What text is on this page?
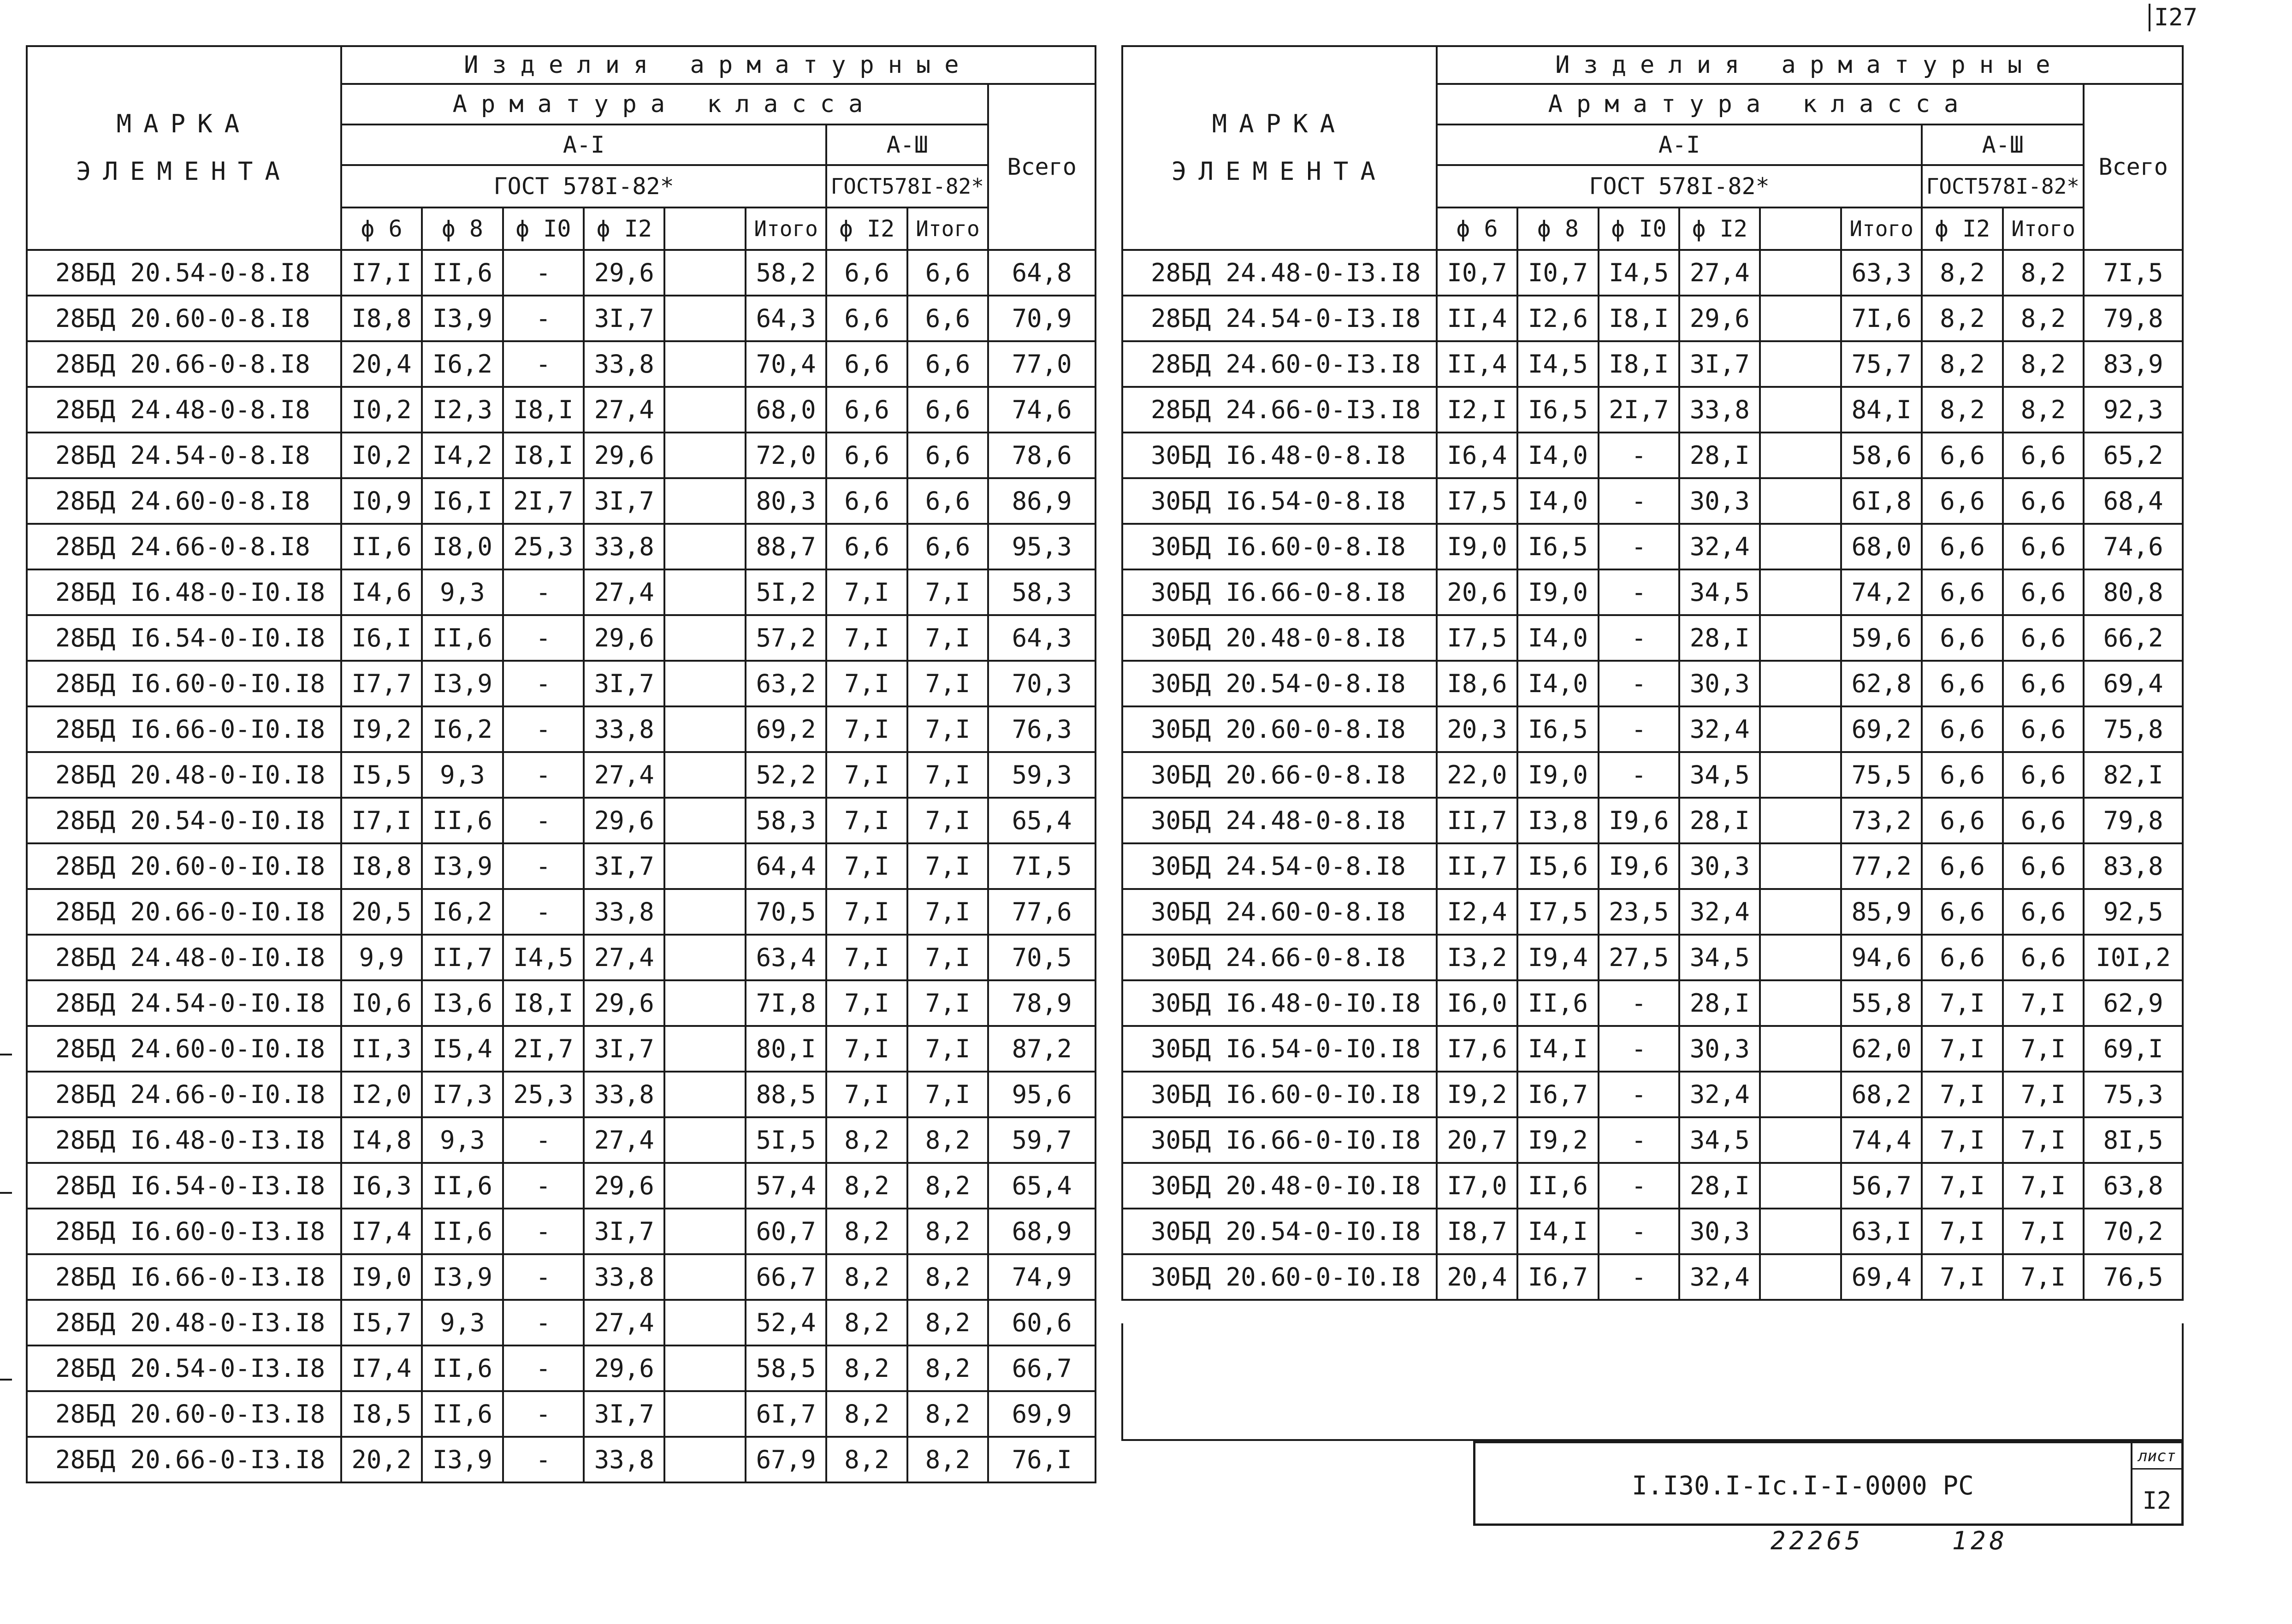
I27
МАРКА ЭЛЕМЕНТА	Изделия арматурные								
	Арматура класса								Всего
	A-I						A-Ш		
	ГОСТ 578I-82*						ГОСТ578I-82*		
	ϕ 6	ϕ 8	ϕ I0	ϕ I2		Итого	ϕ I2	Итого	
28БД 20.54-0-8.I8	I7,I	II,6	-	29,6		58,2	6,6	6,6	64,8
28БД 20.60-0-8.I8	I8,8	I3,9	-	3I,7		64,3	6,6	6,6	70,9
28БД 20.66-0-8.I8	20,4	I6,2	-	33,8		70,4	6,6	6,6	77,0
28БД 24.48-0-8.I8	I0,2	I2,3	I8,I	27,4		68,0	6,6	6,6	74,6
28БД 24.54-0-8.I8	I0,2	I4,2	I8,I	29,6		72,0	6,6	6,6	78,6
28БД 24.60-0-8.I8	I0,9	I6,I	2I,7	3I,7		80,3	6,6	6,6	86,9
28БД 24.66-0-8.I8	II,6	I8,0	25,3	33,8		88,7	6,6	6,6	95,3
28БД I6.48-0-I0.I8	I4,6	9,3	-	27,4		5I,2	7,I	7,I	58,3
28БД I6.54-0-I0.I8	I6,I	II,6	-	29,6		57,2	7,I	7,I	64,3
28БД I6.60-0-I0.I8	I7,7	I3,9	-	3I,7		63,2	7,I	7,I	70,3
28БД I6.66-0-I0.I8	I9,2	I6,2	-	33,8		69,2	7,I	7,I	76,3
28БД 20.48-0-I0.I8	I5,5	9,3	-	27,4		52,2	7,I	7,I	59,3
28БД 20.54-0-I0.I8	I7,I	II,6	-	29,6		58,3	7,I	7,I	65,4
28БД 20.60-0-I0.I8	I8,8	I3,9	-	3I,7		64,4	7,I	7,I	7I,5
28БД 20.66-0-I0.I8	20,5	I6,2	-	33,8		70,5	7,I	7,I	77,6
28БД 24.48-0-I0.I8	9,9	II,7	I4,5	27,4		63,4	7,I	7,I	70,5
28БД 24.54-0-I0.I8	I0,6	I3,6	I8,I	29,6		7I,8	7,I	7,I	78,9
28БД 24.60-0-I0.I8	II,3	I5,4	2I,7	3I,7		80,I	7,I	7,I	87,2
28БД 24.66-0-I0.I8	I2,0	I7,3	25,3	33,8		88,5	7,I	7,I	95,6
28БД I6.48-0-I3.I8	I4,8	9,3	-	27,4		5I,5	8,2	8,2	59,7
28БД I6.54-0-I3.I8	I6,3	II,6	-	29,6		57,4	8,2	8,2	65,4
28БД I6.60-0-I3.I8	I7,4	II,6	-	3I,7		60,7	8,2	8,2	68,9
28БД I6.66-0-I3.I8	I9,0	I3,9	-	33,8		66,7	8,2	8,2	74,9
28БД 20.48-0-I3.I8	I5,7	9,3	-	27,4		52,4	8,2	8,2	60,6
28БД 20.54-0-I3.I8	I7,4	II,6	-	29,6		58,5	8,2	8,2	66,7
28БД 20.60-0-I3.I8	I8,5	II,6	-	3I,7		6I,7	8,2	8,2	69,9
28БД 20.66-0-I3.I8	20,2	I3,9	-	33,8		67,9	8,2	8,2	76,I
МАРКА ЭЛЕМЕНТА	Изделия арматурные								
	Арматура класса								Всего
	A-I						A-Ш		
	ГОСТ 578I-82*						ГОСТ578I-82*		
	ϕ 6	ϕ 8	ϕ I0	ϕ I2		Итого	ϕ I2	Итого	
28БД 24.48-0-I3.I8	I0,7	I0,7	I4,5	27,4		63,3	8,2	8,2	7I,5
28БД 24.54-0-I3.I8	II,4	I2,6	I8,I	29,6		7I,6	8,2	8,2	79,8
28БД 24.60-0-I3.I8	II,4	I4,5	I8,I	3I,7		75,7	8,2	8,2	83,9
28БД 24.66-0-I3.I8	I2,I	I6,5	2I,7	33,8		84,I	8,2	8,2	92,3
30БД I6.48-0-8.I8	I6,4	I4,0	-	28,I		58,6	6,6	6,6	65,2
30БД I6.54-0-8.I8	I7,5	I4,0	-	30,3		6I,8	6,6	6,6	68,4
30БД I6.60-0-8.I8	I9,0	I6,5	-	32,4		68,0	6,6	6,6	74,6
30БД I6.66-0-8.I8	20,6	I9,0	-	34,5		74,2	6,6	6,6	80,8
30БД 20.48-0-8.I8	I7,5	I4,0	-	28,I		59,6	6,6	6,6	66,2
30БД 20.54-0-8.I8	I8,6	I4,0	-	30,3		62,8	6,6	6,6	69,4
30БД 20.60-0-8.I8	20,3	I6,5	-	32,4		69,2	6,6	6,6	75,8
30БД 20.66-0-8.I8	22,0	I9,0	-	34,5		75,5	6,6	6,6	82,I
30БД 24.48-0-8.I8	II,7	I3,8	I9,6	28,I		73,2	6,6	6,6	79,8
30БД 24.54-0-8.I8	II,7	I5,6	I9,6	30,3		77,2	6,6	6,6	83,8
30БД 24.60-0-8.I8	I2,4	I7,5	23,5	32,4		85,9	6,6	6,6	92,5
30БД 24.66-0-8.I8	I3,2	I9,4	27,5	34,5		94,6	6,6	6,6	I0I,2
30БД I6.48-0-I0.I8	I6,0	II,6	-	28,I		55,8	7,I	7,I	62,9
30БД I6.54-0-I0.I8	I7,6	I4,I	-	30,3		62,0	7,I	7,I	69,I
30БД I6.60-0-I0.I8	I9,2	I6,7	-	32,4		68,2	7,I	7,I	75,3
30БД I6.66-0-I0.I8	20,7	I9,2	-	34,5		74,4	7,I	7,I	8I,5
30БД 20.48-0-I0.I8	I7,0	II,6	-	28,I		56,7	7,I	7,I	63,8
30БД 20.54-0-I0.I8	I8,7	I4,I	-	30,3		63,I	7,I	7,I	70,2
30БД 20.60-0-I0.I8	20,4	I6,7	-	32,4		69,4	7,I	7,I	76,5
I.I30.I-Ic.I-I-0000 PC
лист
I2
22265	128
